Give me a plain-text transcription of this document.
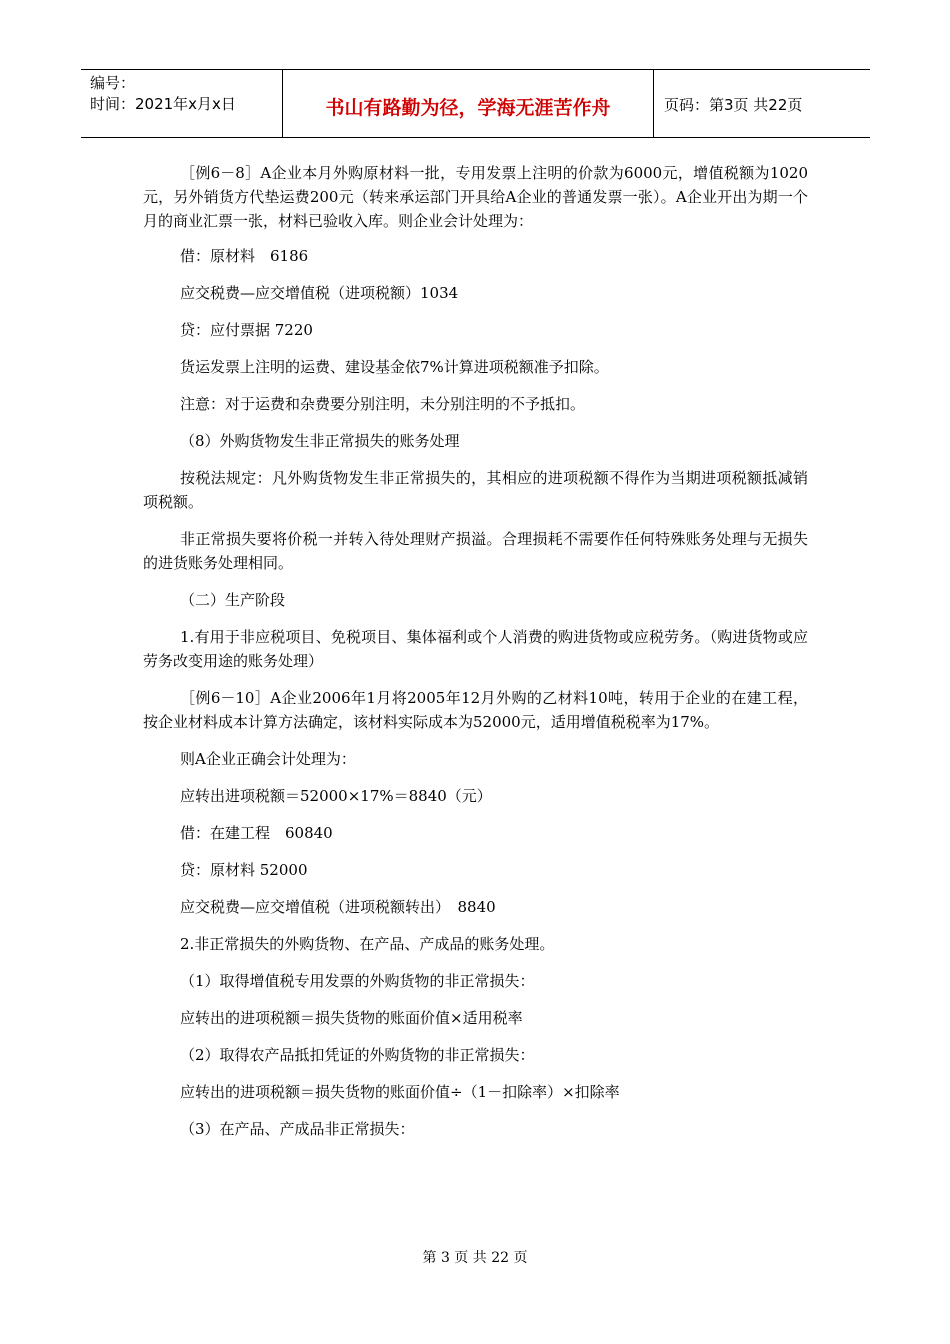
编号：
时间：2021年x月x日	书山有路勤为径，学海无涯苦作舟	页码：第3页 共22页

［例6－8］A企业本月外购原材料一批，专用发票上注明的价款为6000元，增值税额为1020元，另外销货方代垫运费200元（转来承运部门开具给A企业的普通发票一张）。A企业开出为期一个月的商业汇票一张，材料已验收入库。则企业会计处理为：

借：原材料　6186

应交税费—应交增值税（进项税额）1034

贷：应付票据 7220

货运发票上注明的运费、建设基金依7%计算进项税额准予扣除。

注意：对于运费和杂费要分别注明，未分别注明的不予抵扣。

（8）外购货物发生非正常损失的账务处理

按税法规定：凡外购货物发生非正常损失的，其相应的进项税额不得作为当期进项税额抵减销项税额。

非正常损失要将价税一并转入待处理财产损溢。合理损耗不需要作任何特殊账务处理与无损失的进货账务处理相同。

（二）生产阶段

1.有用于非应税项目、免税项目、集体福利或个人消费的购进货物或应税劳务。（购进货物或应劳务改变用途的账务处理）

［例6－10］A企业2006年1月将2005年12月外购的乙材料10吨，转用于企业的在建工程，按企业材料成本计算方法确定，该材料实际成本为52000元，适用增值税税率为17%。

则A企业正确会计处理为：

应转出进项税额＝52000×17%＝8840（元）

借：在建工程　60840

贷：原材料 52000

应交税费—应交增值税（进项税额转出）　8840

2.非正常损失的外购货物、在产品、产成品的账务处理。

（1）取得增值税专用发票的外购货物的非正常损失：

应转出的进项税额＝损失货物的账面价值×适用税率

（2）取得农产品抵扣凭证的外购货物的非正常损失：

应转出的进项税额＝损失货物的账面价值÷（1－扣除率）×扣除率

（3）在产品、产成品非正常损失：

第 3 页 共 22 页
